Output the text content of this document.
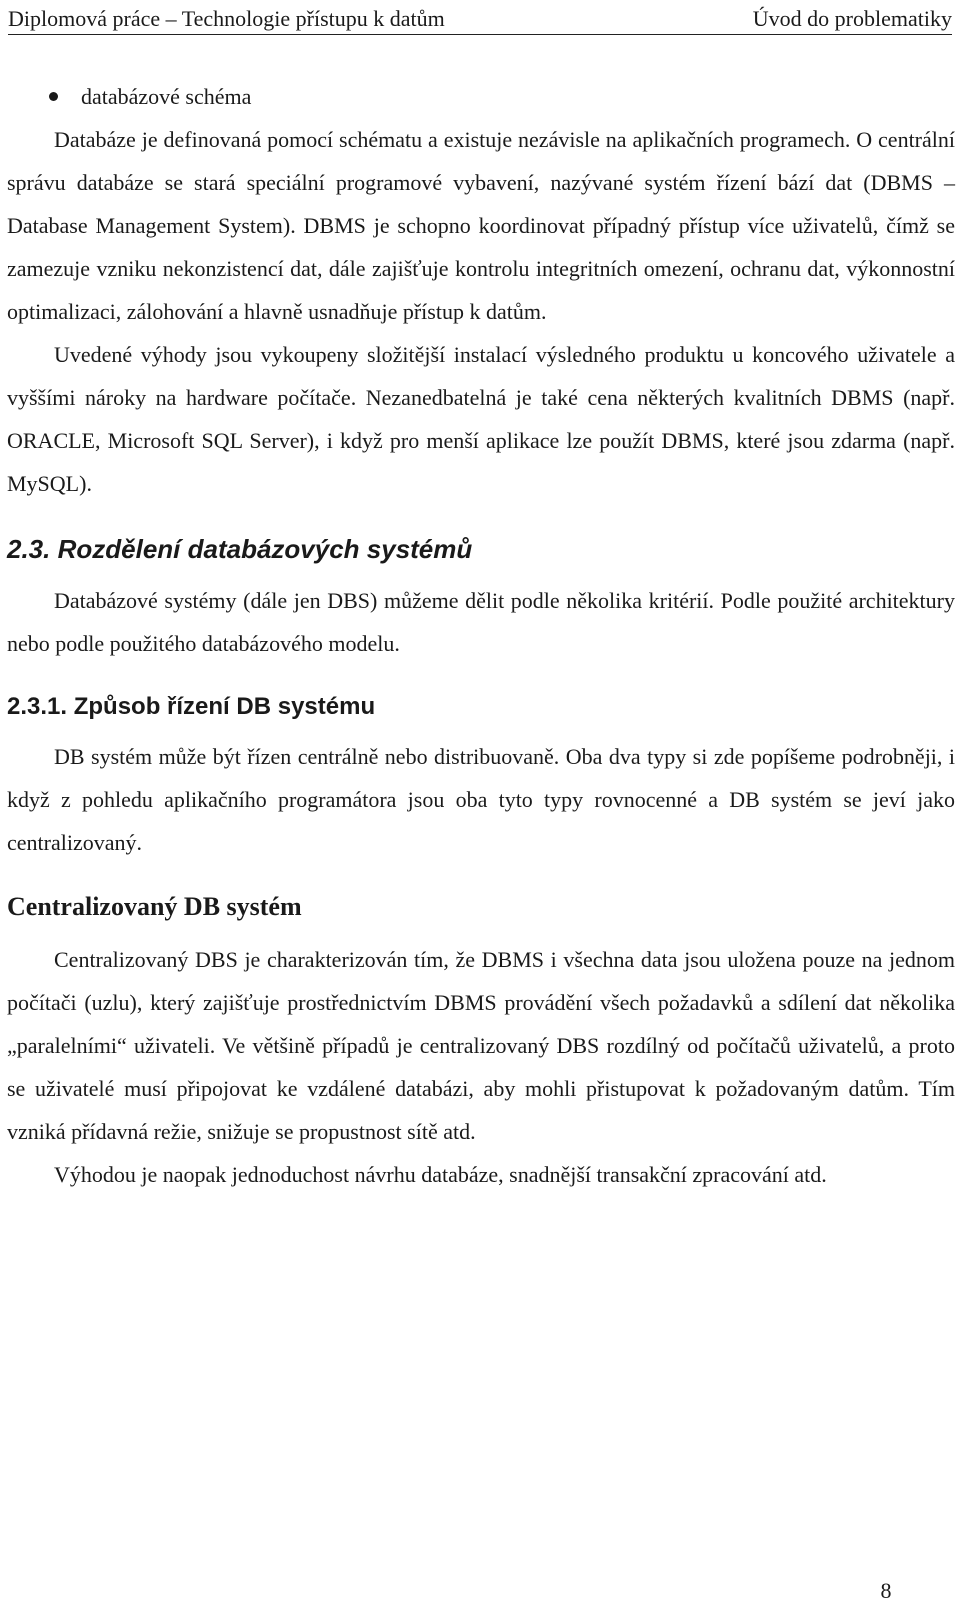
Diplomová práce – Technologie přístupu k datům	Úvod do problematiky
databázové schéma

Databáze je definovaná pomocí schématu a existuje nezávisle na aplikačních programech. O centrální správu databáze se stará speciální programové vybavení, nazývané systém řízení bází dat (DBMS – Database Management System). DBMS je schopno koordinovat případný přístup více uživatelů, čímž se zamezuje vzniku nekonzistencí dat, dále zajišťuje kontrolu integritních omezení, ochranu dat, výkonnostní optimalizaci, zálohování a hlavně usnadňuje přístup k datům.

Uvedené výhody jsou vykoupeny složitější instalací výsledného produktu u koncového uživatele a vyššími nároky na hardware počítače. Nezanedbatelná je také cena některých kvalitních DBMS (např. ORACLE, Microsoft SQL Server), i když pro menší aplikace lze použít DBMS, které jsou zdarma (např. MySQL).

2.3. Rozdělení databázových systémů

Databázové systémy (dále jen DBS) můžeme dělit podle několika kritérií. Podle použité architektury nebo podle použitého databázového modelu.

2.3.1. Způsob řízení DB systému

DB systém může být řízen centrálně nebo distribuovaně. Oba dva typy si zde popíšeme podrobněji, i když z pohledu aplikačního programátora jsou oba tyto typy rovnocenné a DB systém se jeví jako centralizovaný.

Centralizovaný DB systém

Centralizovaný DBS je charakterizován tím, že DBMS i všechna data jsou uložena pouze na jednom počítači (uzlu), který zajišťuje prostřednictvím DBMS provádění všech požadavků a sdílení dat několika „paralelními“ uživateli. Ve většině případů je centralizovaný DBS rozdílný od počítačů uživatelů, a proto se uživatelé musí připojovat ke vzdálené databázi, aby mohli přistupovat k požadovaným datům. Tím vzniká přídavná režie, snižuje se propustnost sítě atd.

Výhodou je naopak jednoduchost návrhu databáze, snadnější transakční zpracování atd.

8
